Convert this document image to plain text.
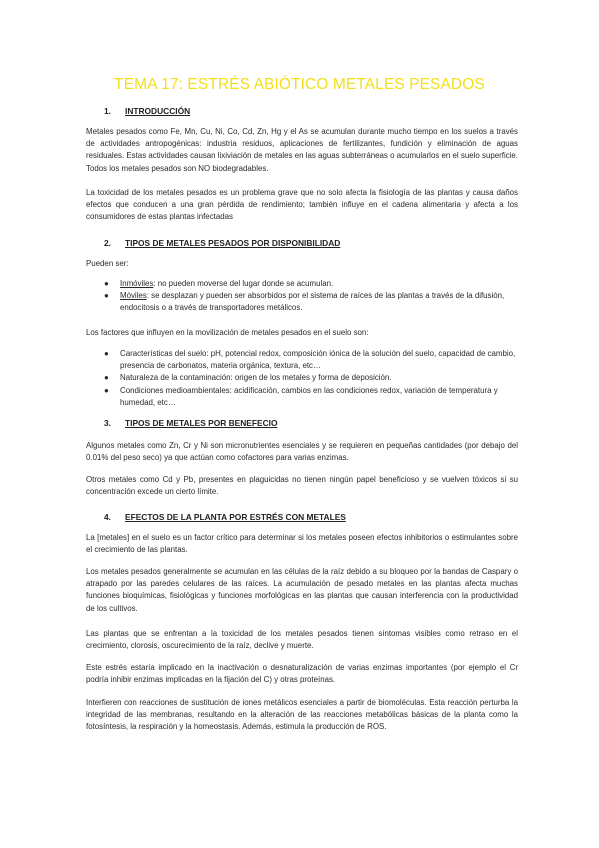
TEMA 17: ESTRÉS ABIÓTICO METALES PESADOS
1. INTRODUCCIÓN

Metales pesados como Fe, Mn, Cu, Ni, Co, Cd, Zn, Hg y el As se acumulan durante mucho tiempo en los suelos a través de actividades antropogénicas: industria residuos, aplicaciones de fertilizantes, fundición y eliminación de aguas residuales. Estas actividades causan lixiviación de metales en las aguas subterráneas o acumularlos en el suelo superficie. Todos los metales pesados son NO biodegradables.

La toxicidad de los metales pesados es un problema grave que no solo afecta la fisiología de las plantas y causa daños efectos que conducen a una gran pérdida de rendimiento; también influye en el cadena alimentaria y afecta a los consumidores de estas plantas infectadas

2. TIPOS DE METALES PESADOS POR DISPONIBILIDAD

Pueden ser:

● Inmóviles: no pueden moverse del lugar donde se acumulan.
● Móviles: se desplazan y pueden ser absorbidos por el sistema de raíces de las plantas a través de la difusión, endocitosis o a través de transportadores metálicos.

Los factores que influyen en la movilización de metales pesados en el suelo son:

● Características del suelo: pH, potencial redox, composición iónica de la solución del suelo, capacidad de cambio, presencia de carbonatos, materia orgánica, textura, etc…
● Naturaleza de la contaminación: origen de los metales y forma de deposición.
● Condiciones medioambientales: acidificación, cambios en las condiciones redox, variación de temperatura y humedad, etc…
3. TIPOS DE METALES POR BENEFECIO

Algunos metales como Zn, Cr y Ni son micronutrientes esenciales y se requieren en pequeñas cantidades (por debajo del 0.01% del peso seco) ya que actúan como cofactores para varias enzimas.

Otros metales como Cd y Pb, presentes en plaguicidas no tienen ningún papel beneficioso y se vuelven tóxicos si su concentración excede un cierto límite.

4. EFECTOS DE LA PLANTA POR ESTRÉS CON METALES

La [metales] en el suelo es un factor crítico para determinar si los metales poseen efectos inhibitorios o estimulantes sobre el crecimiento de las plantas.

Los metales pesados generalmente se acumulan en las células de la raíz debido a su bloqueo por la bandas de Caspary o atrapado por las paredes celulares de las raíces. La acumulación de pesado metales en las plantas afecta muchas funciones bioquímicas, fisiológicas y funciones morfológicas en las plantas que causan interferencia con la productividad de los cultivos.

Las plantas que se enfrentan a la toxicidad de los metales pesados tienen síntomas visibles como retraso en el crecimiento, clorosis, oscurecimiento de la raíz, declive y muerte.

Este estrés estaría implicado en la inactivación o desnaturalización de varias enzimas importantes (por ejemplo el Cr podría inhibir enzimas implicadas en la fijación del C) y otras proteínas.

Interfieren con reacciones de sustitución de iones metálicos esenciales a partir de biomoléculas. Esta reacción perturba la integridad de las membranas, resultando en la alteración de las reacciones metabólicas básicas de la planta como la fotosíntesis, la respiración y la homeostasis. Además, estimula la producción de ROS.
